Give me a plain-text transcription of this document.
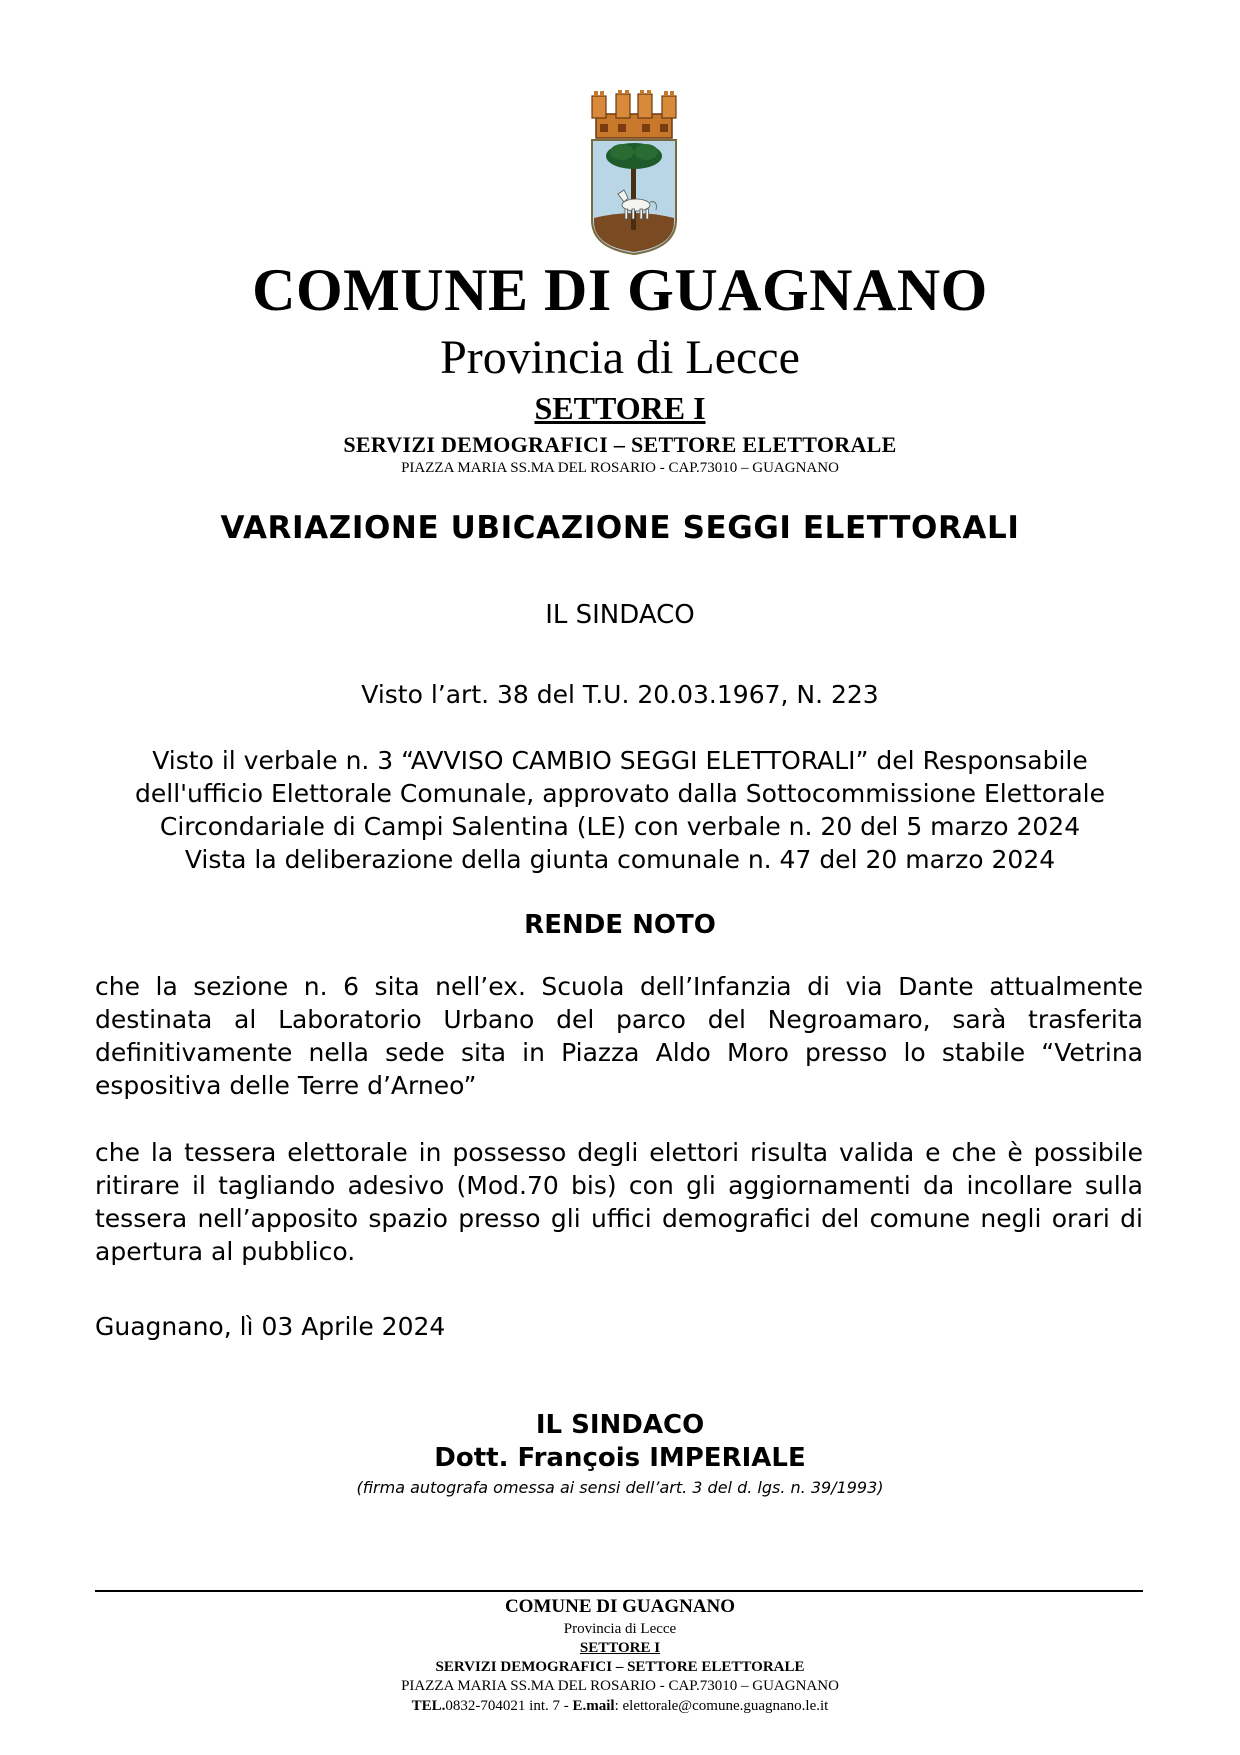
COMUNE DI GUAGNANO
Provincia di Lecce
SETTORE I
SERVIZI DEMOGRAFICI – SETTORE ELETTORALE
PIAZZA MARIA SS.MA DEL ROSARIO - CAP.73010 – GUAGNANO
VARIAZIONE UBICAZIONE SEGGI ELETTORALI
IL SINDACO
Visto l’art. 38 del T.U. 20.03.1967, N. 223
Visto il verbale n. 3 “AVVISO CAMBIO SEGGI ELETTORALI” del Responsabile
dell'ufficio Elettorale Comunale, approvato dalla Sottocommissione Elettorale
Circondariale di Campi Salentina (LE) con verbale n. 20 del 5 marzo 2024
Vista la deliberazione della giunta comunale n. 47 del 20 marzo 2024
RENDE NOTO
che la sezione n. 6 sita nell’ex. Scuola dell’Infanzia di via Dante attualmente destinata al Laboratorio Urbano del parco del Negroamaro, sarà trasferita definitivamente nella sede sita in Piazza Aldo Moro presso lo stabile “Vetrina espositiva delle Terre d’Arneo”
che la tessera elettorale in possesso degli elettori risulta valida e che è possibile ritirare il tagliando adesivo (Mod.70 bis) con gli aggiornamenti da incollare sulla tessera nell’apposito spazio presso gli uffici demografici del comune negli orari di apertura al pubblico.
Guagnano, lì 03 Aprile 2024
IL SINDACO
Dott. François IMPERIALE
(firma autografa omessa ai sensi dell’art. 3 del d. lgs. n. 39/1993)
COMUNE DI GUAGNANO
Provincia di Lecce
SETTORE I
SERVIZI DEMOGRAFICI – SETTORE ELETTORALE
PIAZZA MARIA SS.MA DEL ROSARIO - CAP.73010 – GUAGNANO
TEL.0832-704021 int. 7 - E.mail: elettorale@comune.guagnano.le.it
